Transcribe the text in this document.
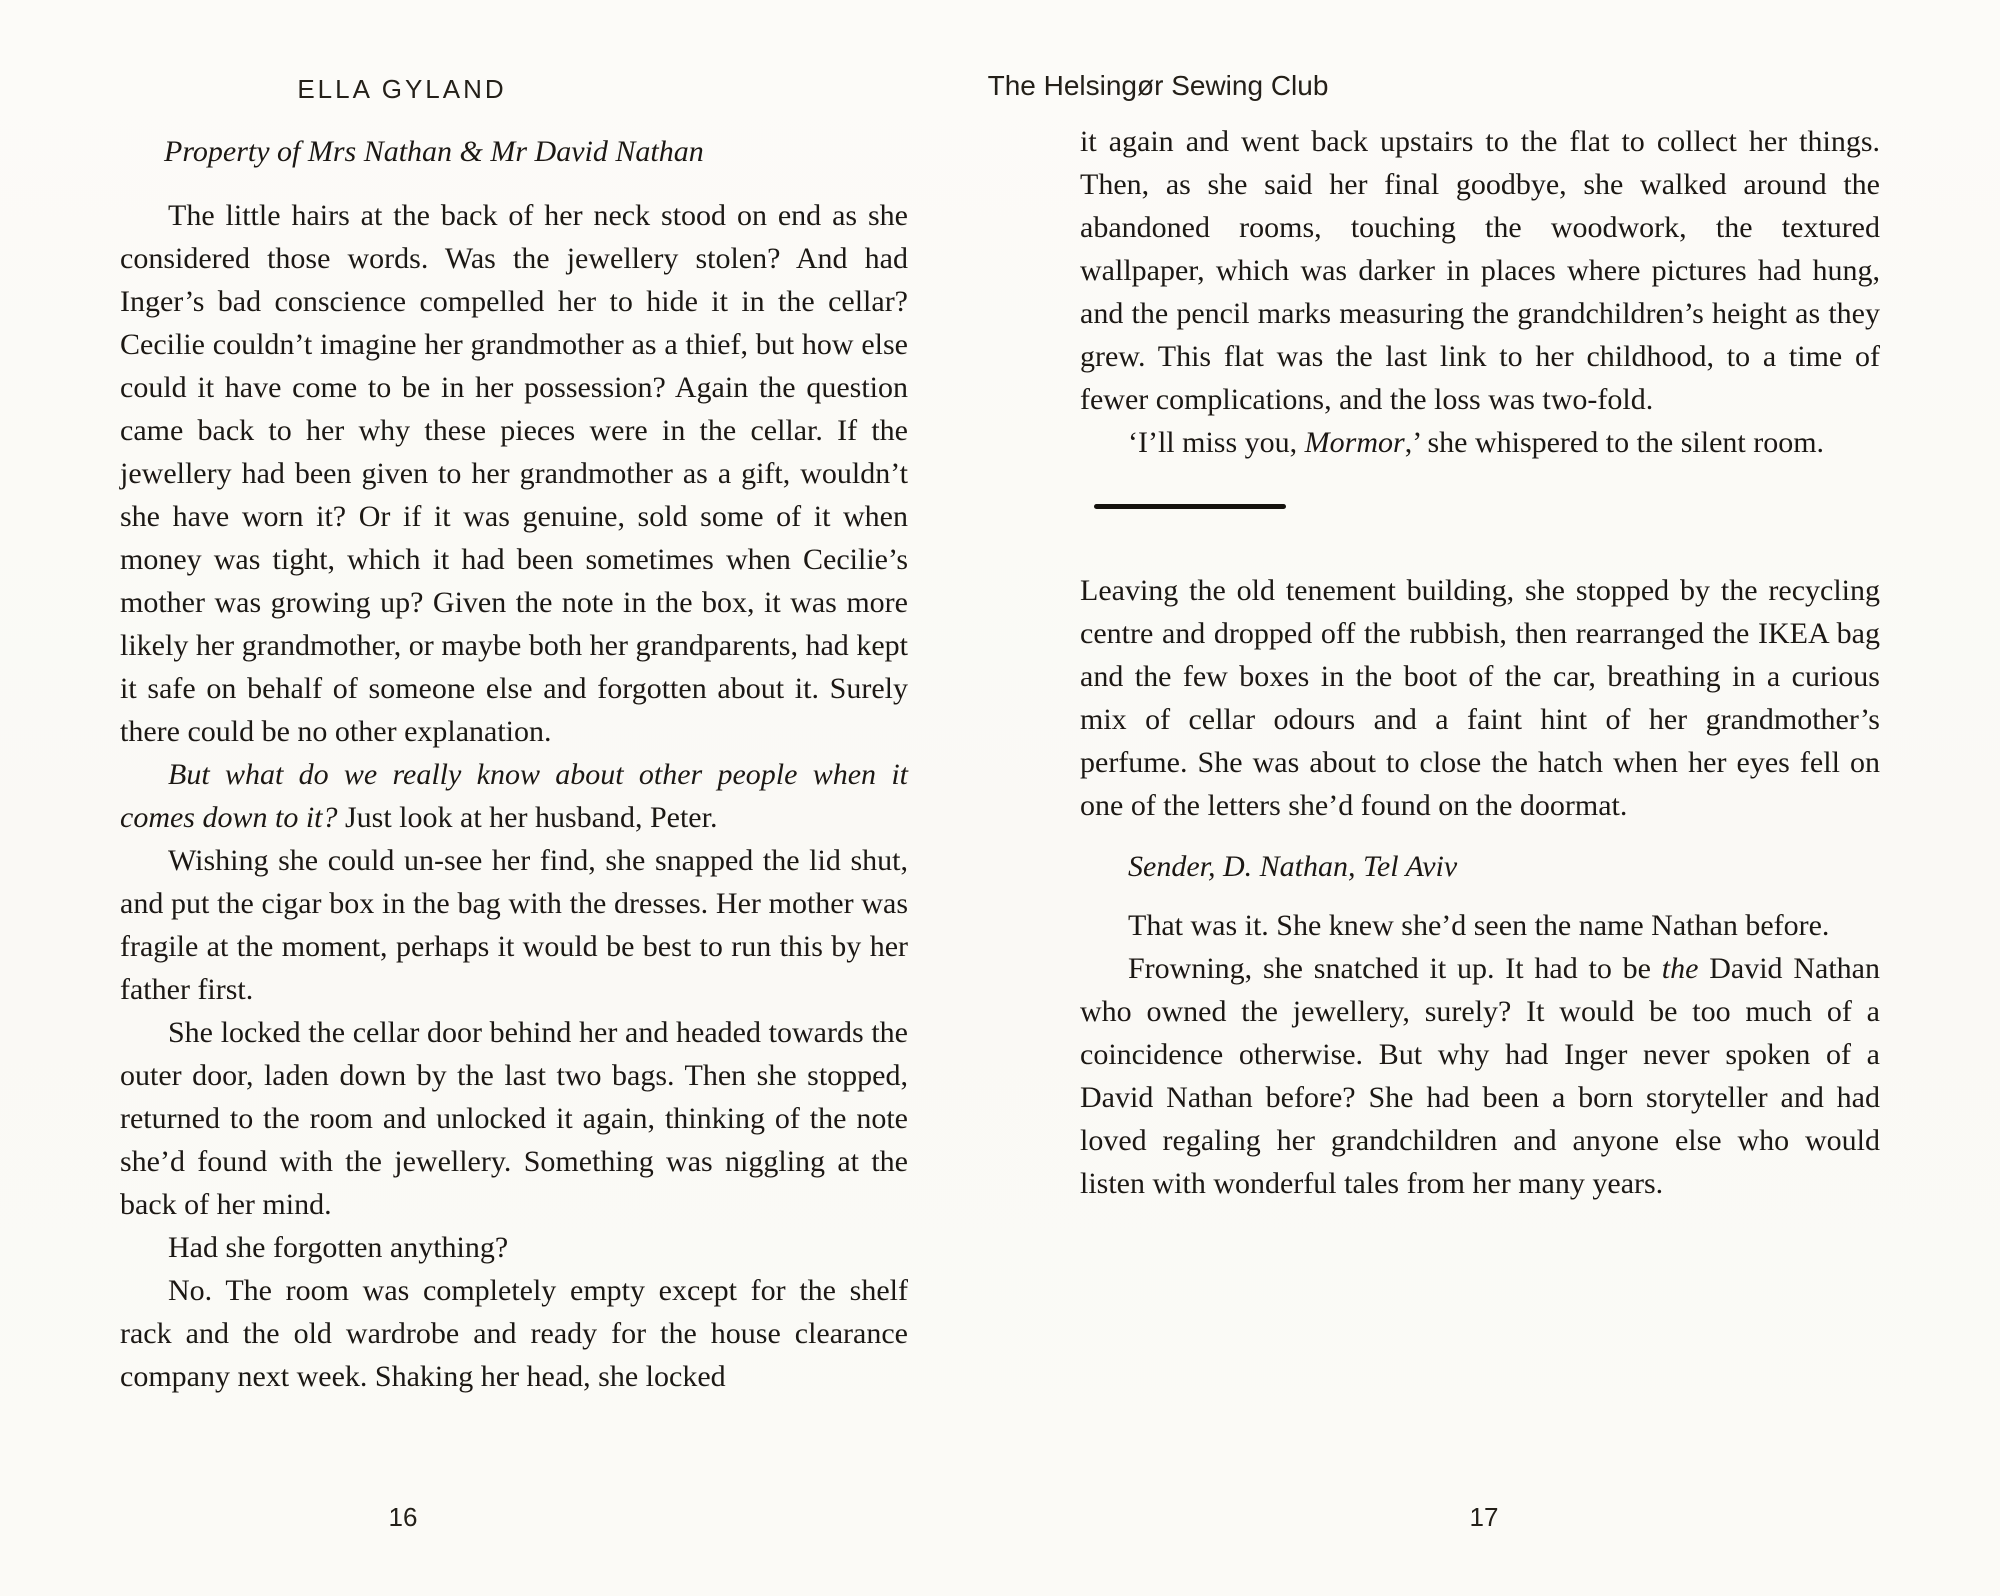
ELLA GYLAND

Property of Mrs Nathan & Mr David Nathan

The little hairs at the back of her neck stood on end as she considered those words. Was the jewellery stolen? And had Inger’s bad conscience compelled her to hide it in the cellar? Cecilie couldn’t imagine her grandmother as a thief, but how else could it have come to be in her possession? Again the question came back to her why these pieces were in the cellar. If the jewellery had been given to her grandmother as a gift, wouldn’t she have worn it? Or if it was genuine, sold some of it when money was tight, which it had been sometimes when Cecilie’s mother was growing up? Given the note in the box, it was more likely her grandmother, or maybe both her grandparents, had kept it safe on behalf of someone else and forgotten about it. Surely there could be no other explanation.

But what do we really know about other people when it comes down to it? Just look at her husband, Peter.

Wishing she could un-see her find, she snapped the lid shut, and put the cigar box in the bag with the dresses. Her mother was fragile at the moment, perhaps it would be best to run this by her father first.

She locked the cellar door behind her and headed towards the outer door, laden down by the last two bags. Then she stopped, returned to the room and unlocked it again, thinking of the note she’d found with the jewellery. Something was niggling at the back of her mind.

Had she forgotten anything?

No. The room was completely empty except for the shelf rack and the old wardrobe and ready for the house clearance company next week. Shaking her head, she locked

16
The Helsingør Sewing Club

it again and went back upstairs to the flat to collect her things. Then, as she said her final goodbye, she walked around the abandoned rooms, touching the woodwork, the textured wallpaper, which was darker in places where pictures had hung, and the pencil marks measuring the grandchildren’s height as they grew. This flat was the last link to her childhood, to a time of fewer complications, and the loss was two-fold.

‘I’ll miss you, Mormor,’ she whispered to the silent room.

Leaving the old tenement building, she stopped by the recycling centre and dropped off the rubbish, then rearranged the IKEA bag and the few boxes in the boot of the car, breathing in a curious mix of cellar odours and a faint hint of her grandmother’s perfume. She was about to close the hatch when her eyes fell on one of the letters she’d found on the doormat.

Sender, D. Nathan, Tel Aviv

That was it. She knew she’d seen the name Nathan before.

Frowning, she snatched it up. It had to be the David Nathan who owned the jewellery, surely? It would be too much of a coincidence otherwise. But why had Inger never spoken of a David Nathan before? She had been a born storyteller and had loved regaling her grandchildren and anyone else who would listen with wonderful tales from her many years.

17
